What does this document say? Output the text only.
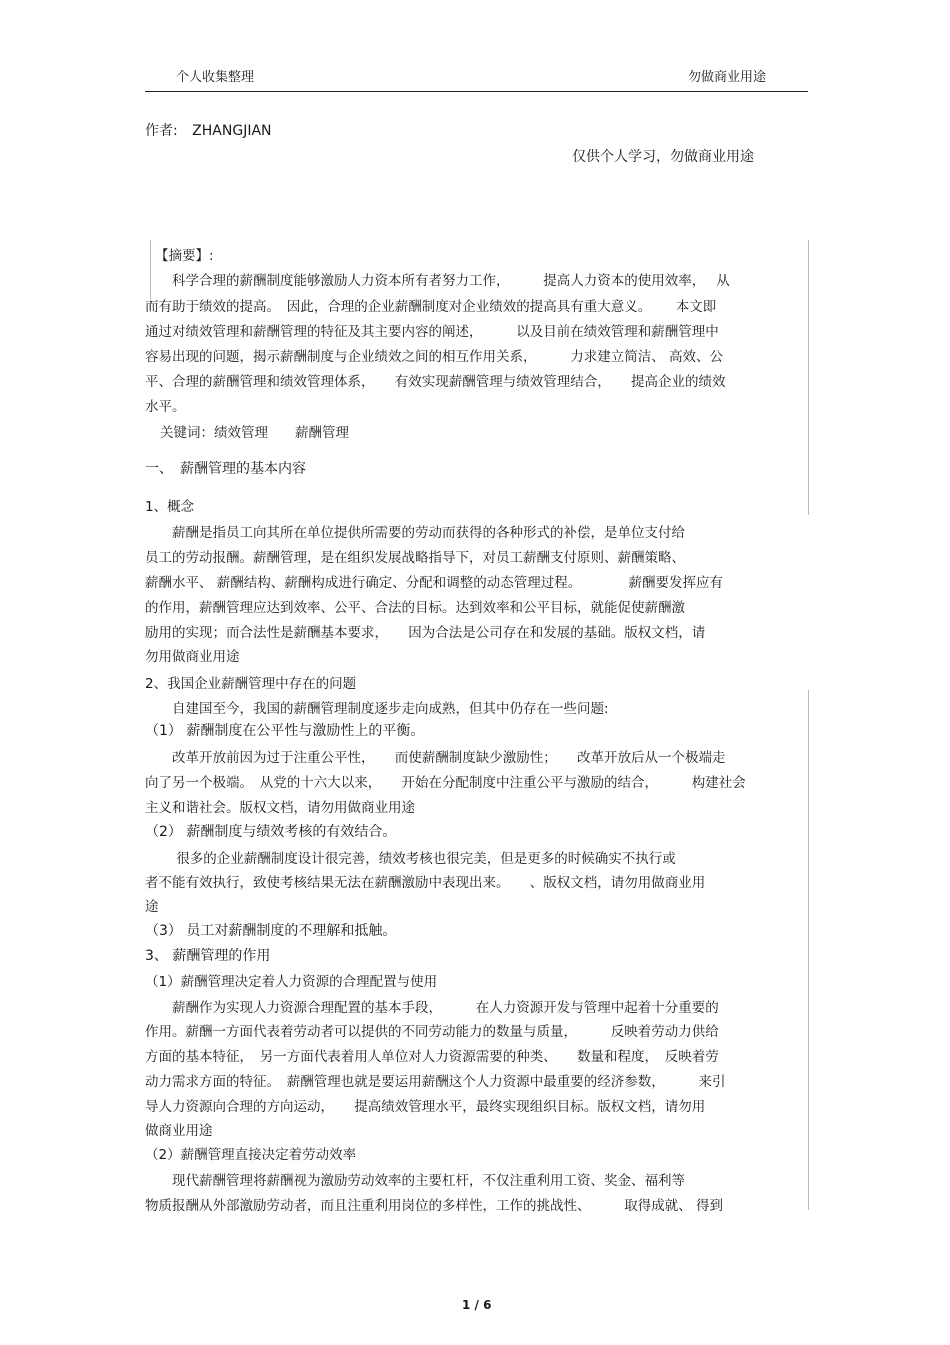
个人收集整理	勿做商业用途
作者: ZHANGJIAN
仅供个人学习，勿做商业用途
【摘要】:
　　科学合理的薪酬制度能够激励人力资本所有者努力工作，　　　提高人力资本的使用效率，　 从
而有助于绩效的提高。　因此，合理的企业薪酬制度对企业绩效的提高具有重大意义。　　 本文即
通过对绩效管理和薪酬管理的特征及其主要内容的阐述，　　　以及目前在绩效管理和薪酬管理中
容易出现的问题，揭示薪酬制度与企业绩效之间的相互作用关系，　　　力求建立简洁、 高效、公
平、合理的薪酬管理和绩效管理体系，　　有效实现薪酬管理与绩效管理结合，　　提高企业的绩效
水平。
关键词：绩效管理　　薪酬管理
一、　薪酬管理的基本内容
1、概念
　　薪酬是指员工向其所在单位提供所需要的劳动而获得的各种形式的补偿，是单位支付给
员工的劳动报酬。薪酬管理，是在组织发展战略指导下，对员工薪酬支付原则、薪酬策略、
薪酬水平、 薪酬结构、薪酬构成进行确定、分配和调整的动态管理过程。　　　　薪酬要发挥应有
的作用，薪酬管理应达到效率、公平、合法的目标。达到效率和公平目标，就能促使薪酬激
励用的实现；而合法性是薪酬基本要求，　　因为合法是公司存在和发展的基础。版权文档，请
勿用做商业用途
2、我国企业薪酬管理中存在的问题
　　自建国至今，我国的薪酬管理制度逐步走向成熟，但其中仍存在一些问题:
（1） 薪酬制度在公平性与激励性上的平衡。
　　改革开放前因为过于注重公平性，　　而使薪酬制度缺少激励性；　　改革开放后从一个极端走
向了另一个极端。　从党的十六大以来，　　开始在分配制度中注重公平与激励的结合，　　　构建社会
主义和谐社会。版权文档，请勿用做商业用途
（2） 薪酬制度与绩效考核的有效结合。
　　 很多的企业薪酬制度设计很完善，绩效考核也很完美，但是更多的时候确实不执行或
者不能有效执行，致使考核结果无法在薪酬激励中表现出来。　　、版权文档，请勿用做商业用
途
（3） 员工对薪酬制度的不理解和抵触。
3、 薪酬管理的作用
（1）薪酬管理决定着人力资源的合理配置与使用
　　薪酬作为实现人力资源合理配置的基本手段，　　　在人力资源开发与管理中起着十分重要的
作用。薪酬一方面代表着劳动者可以提供的不同劳动能力的数量与质量，　　　反映着劳动力供给
方面的基本特征，　另一方面代表着用人单位对人力资源需要的种类、　　数量和程度，　反映着劳
动力需求方面的特征。　薪酬管理也就是要运用薪酬这个人力资源中最重要的经济参数，　　　来引
导人力资源向合理的方向运动，　　提高绩效管理水平，最终实现组织目标。版权文档，请勿用
做商业用途
（2）薪酬管理直接决定着劳动效率
　　现代薪酬管理将薪酬视为激励劳动效率的主要杠杆，不仅注重利用工资、奖金、福利等
物质报酬从外部激励劳动者，而且注重利用岗位的多样性，工作的挑战性、　　　取得成就、 得到
1 / 6
